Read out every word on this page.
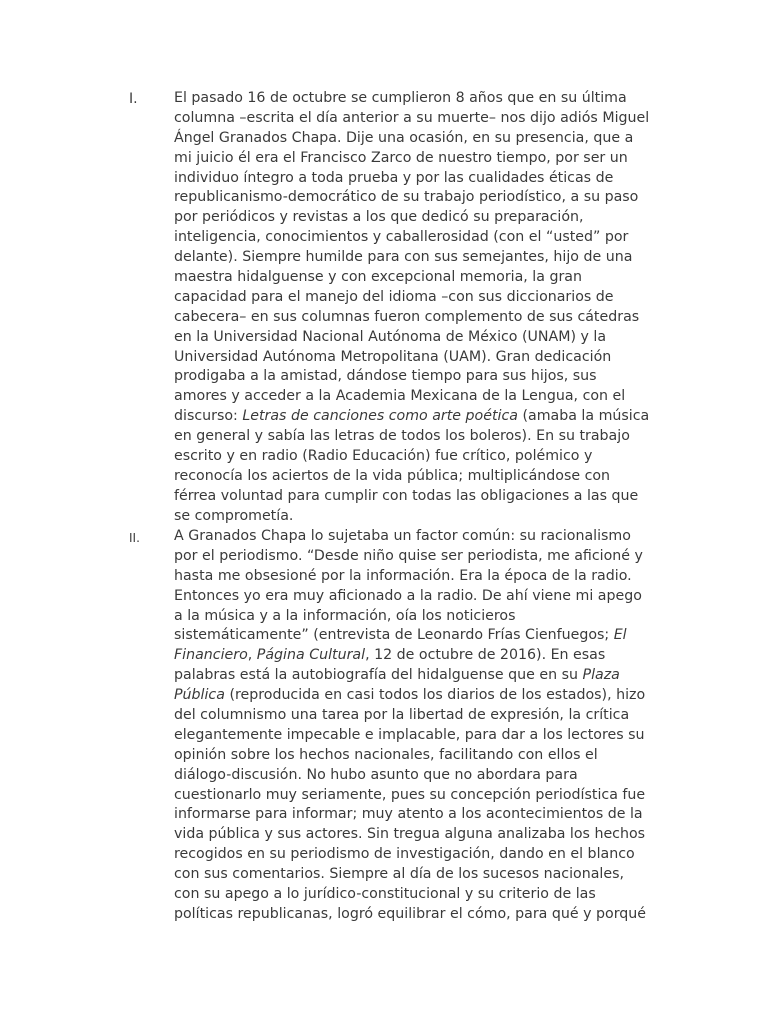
I.	El pasado 16 de octubre se cumplieron 8 años que en su última
columna –escrita el día anterior a su muerte– nos dijo adiós Miguel
Ángel Granados Chapa. Dije una ocasión, en su presencia, que a
mi juicio él era el Francisco Zarco de nuestro tiempo, por ser un
individuo íntegro a toda prueba y por las cualidades éticas de
republicanismo-democrático de su trabajo periodístico, a su paso
por periódicos y revistas a los que dedicó su preparación,
inteligencia, conocimientos y caballerosidad (con el “usted” por
delante). Siempre humilde para con sus semejantes, hijo de una
maestra hidalguense y con excepcional memoria, la gran
capacidad para el manejo del idioma –con sus diccionarios de
cabecera– en sus columnas fueron complemento de sus cátedras
en la Universidad Nacional Autónoma de México (UNAM) y la
Universidad Autónoma Metropolitana (UAM). Gran dedicación
prodigaba a la amistad, dándose tiempo para sus hijos, sus
amores y acceder a la Academia Mexicana de la Lengua, con el
discurso: Letras de canciones como arte poética (amaba la música
en general y sabía las letras de todos los boleros). En su trabajo
escrito y en radio (Radio Educación) fue crítico, polémico y
reconocía los aciertos de la vida pública; multiplicándose con
férrea voluntad para cumplir con todas las obligaciones a las que
se comprometía.
II. A Granados Chapa lo sujetaba un factor común: su racionalismo
por el periodismo. “Desde niño quise ser periodista, me aficioné y
hasta me obsesioné por la información. Era la época de la radio.
Entonces yo era muy aficionado a la radio. De ahí viene mi apego
a la música y a la información, oía los noticieros
sistemáticamente” (entrevista de Leonardo Frías Cienfuegos; El
Financiero, Página Cultural, 12 de octubre de 2016). En esas
palabras está la autobiografía del hidalguense que en su Plaza
Pública (reproducida en casi todos los diarios de los estados), hizo
del columnismo una tarea por la libertad de expresión, la crítica
elegantemente impecable e implacable, para dar a los lectores su
opinión sobre los hechos nacionales, facilitando con ellos el
diálogo-discusión. No hubo asunto que no abordara para
cuestionarlo muy seriamente, pues su concepción periodística fue
informarse para informar; muy atento a los acontecimientos de la
vida pública y sus actores. Sin tregua alguna analizaba los hechos
recogidos en su periodismo de investigación, dando en el blanco
con sus comentarios. Siempre al día de los sucesos nacionales,
con su apego a lo jurídico-constitucional y su criterio de las
políticas republicanas, logró equilibrar el cómo, para qué y porqué
